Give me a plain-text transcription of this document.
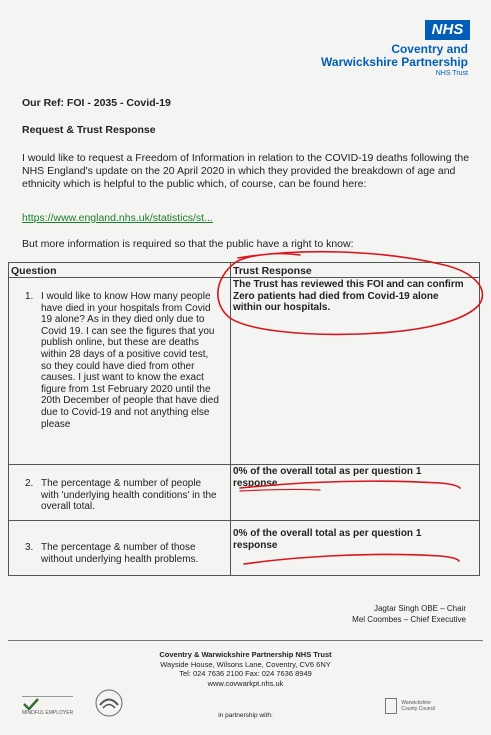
NHS
Coventry and
Warwickshire Partnership
NHS Trust
Our Ref: FOI - 2035 - Covid-19
Request & Trust Response
I would like to request a Freedom of Information in relation to the COVID-19 deaths following the NHS England's update on the 20 April 2020 in which they provided the breakdown of age and ethnicity which is helpful to the public which, of course, can be found here:
https://www.england.nhs.uk/statistics/st...
But more information is required so that the public have a right to know:
Question	Trust Response
1. I would like to know How many people have died in your hospitals from Covid 19 alone? As in they died only due to Covid 19. I can see the figures that you publish online, but these are deaths within 28 days of a positive covid test, so they could have died from other causes. I just want to know the exact figure from 1st February 2020 until the 20th December of people that have died due to Covid-19 and not anything else please
The Trust has reviewed this FOI and can confirm Zero patients had died from Covid-19 alone within our hospitals.
2. The percentage & number of people with 'underlying health conditions' in the overall total.
0% of the overall total as per question 1 response
3. The percentage & number of those without underlying health problems.
0% of the overall total as per question 1 response
Jagtar Singh OBE – Chair
Mel Coombes – Chief Executive
Coventry & Warwickshire Partnership NHS Trust
Wayside House, Wilsons Lane, Coventry, CV6 6NY
Tel: 024 7636 2100 Fax: 024 7636 8949
www.covwarkpt.nhs.uk
MINDFUL EMPLOYER	in partnership with:
Warwickshire
County Council
